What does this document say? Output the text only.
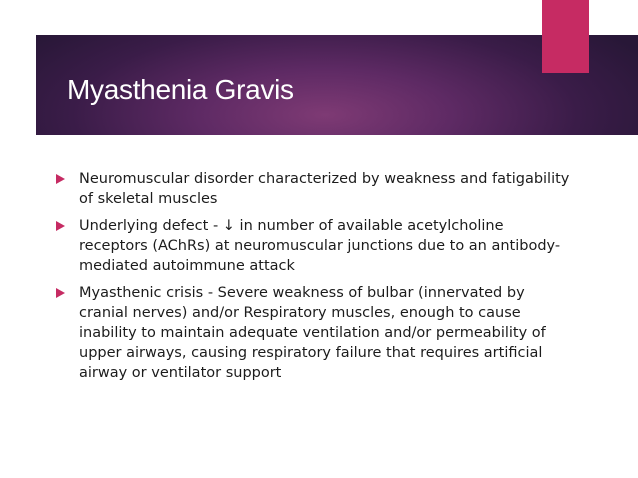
Myasthenia Gravis
Neuromuscular disorder characterized by weakness and fatigability of skeletal muscles
Underlying defect - ↓ in number of available acetylcholine receptors (AChRs) at neuromuscular junctions due to an antibody-mediated autoimmune attack
Myasthenic crisis - Severe weakness of bulbar (innervated by cranial nerves) and/or Respiratory muscles, enough to cause inability to maintain adequate ventilation and/or permeability of upper airways, causing respiratory failure that requires artificial airway or ventilator support
